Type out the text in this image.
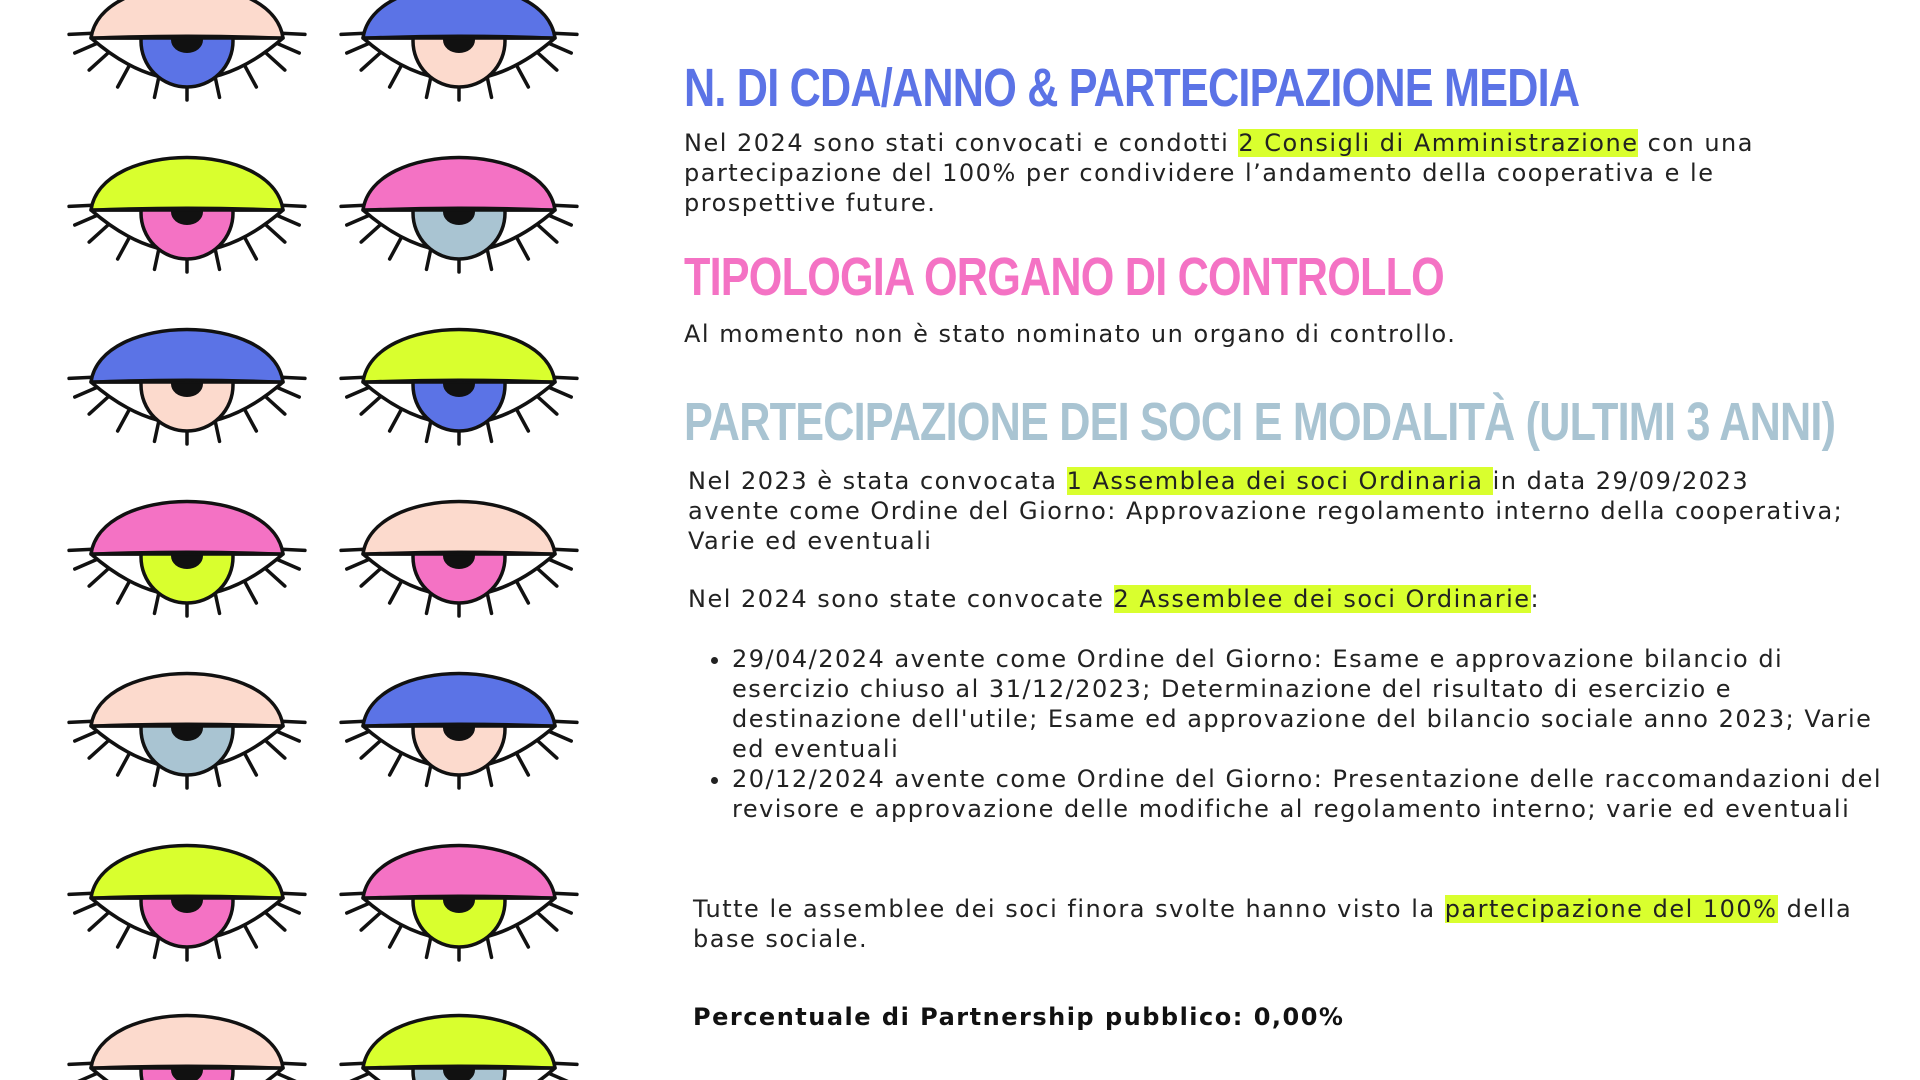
N. DI CDA/ANNO & PARTECIPAZIONE MEDIA

Nel 2024 sono stati convocati e condotti 2 Consigli di Amministrazione con una partecipazione del 100% per condividere l’andamento della cooperativa e le prospettive future.

TIPOLOGIA ORGANO DI CONTROLLO

Al momento non è stato nominato un organo di controllo.

PARTECIPAZIONE DEI SOCI E MODALITÀ (ULTIMI 3 ANNI)

Nel 2023 è stata convocata 1 Assemblea dei soci Ordinaria in data 29/09/2023 avente come Ordine del Giorno: Approvazione regolamento interno della cooperativa; Varie ed eventuali

Nel 2024 sono state convocate 2 Assemblee dei soci Ordinarie:

• 29/04/2024 avente come Ordine del Giorno: Esame e approvazione bilancio di esercizio chiuso al 31/12/2023; Determinazione del risultato di esercizio e destinazione dell'utile; Esame ed approvazione del bilancio sociale anno 2023; Varie ed eventuali
• 20/12/2024 avente come Ordine del Giorno: Presentazione delle raccomandazioni del revisore e approvazione delle modifiche al regolamento interno; varie ed eventuali

Tutte le assemblee dei soci finora svolte hanno visto la partecipazione del 100% della base sociale.

Percentuale di Partnership pubblico: 0,00%
